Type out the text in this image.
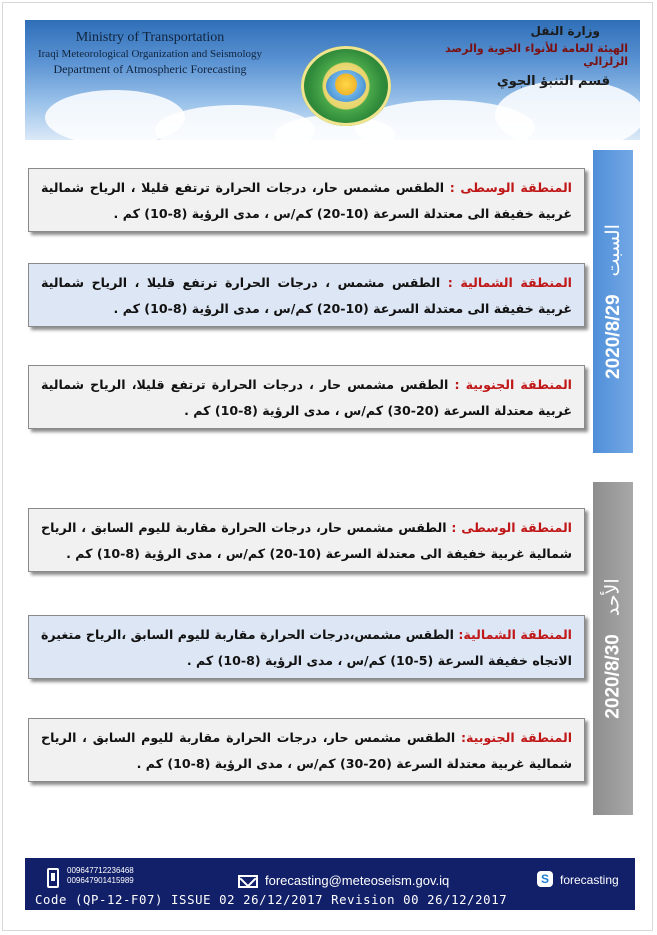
Ministry of Transportation
Iraqi Meteorological Organization and Seismology
Department of Atmospheric Forecasting
وزارة النقل
الهيئة العامة للأنواء الجوية والرصد الزلزالي
قسم التنبؤ الجوي
2020/8/29
السبت
المنطقة الوسطى : الطقس مشمس حار، درجات الحرارة ترتفع قليلا ، الرياح شمالية غربية خفيفة الى معتدلة السرعة (10-20) كم/س ، مدى الرؤية (8-10) كم .
المنطقة الشمالية : الطقس مشمس ، درجات الحرارة ترتفع قليلا ، الرياح شمالية غربية خفيفة الى معتدلة السرعة (10-20) كم/س ، مدى الرؤية (8-10) كم .
المنطقة الجنوبية : الطقس مشمس حار ، درجات الحرارة ترتفع قليلا، الرياح شمالية غربية معتدلة السرعة (20-30) كم/س ، مدى الرؤية (8-10) كم .
2020/8/30
الأحد
المنطقة الوسطى : الطقس مشمس حار، درجات الحرارة مقاربة لليوم السابق ، الرياح شمالية غربية خفيفة الى معتدلة السرعة (10-20) كم/س ، مدى الرؤية (8-10) كم .
المنطقة الشمالية: الطقس مشمس،درجات الحرارة مقاربة لليوم السابق ،الرياح متغيرة الاتجاه خفيفة السرعة (5-10) كم/س ، مدى الرؤية (8-10) كم .
المنطقة الجنوبية: الطقس مشمس حار، درجات الحرارة مقاربة لليوم السابق ، الرياح شمالية غربية معتدلة السرعة (20-30) كم/س ، مدى الرؤية (8-10) كم .
009647712236468
009647901415989	forecasting@meteoseism.gov.iq	S forecasting
Code (QP-12-F07) ISSUE 02 26/12/2017 Revision 00 26/12/2017
